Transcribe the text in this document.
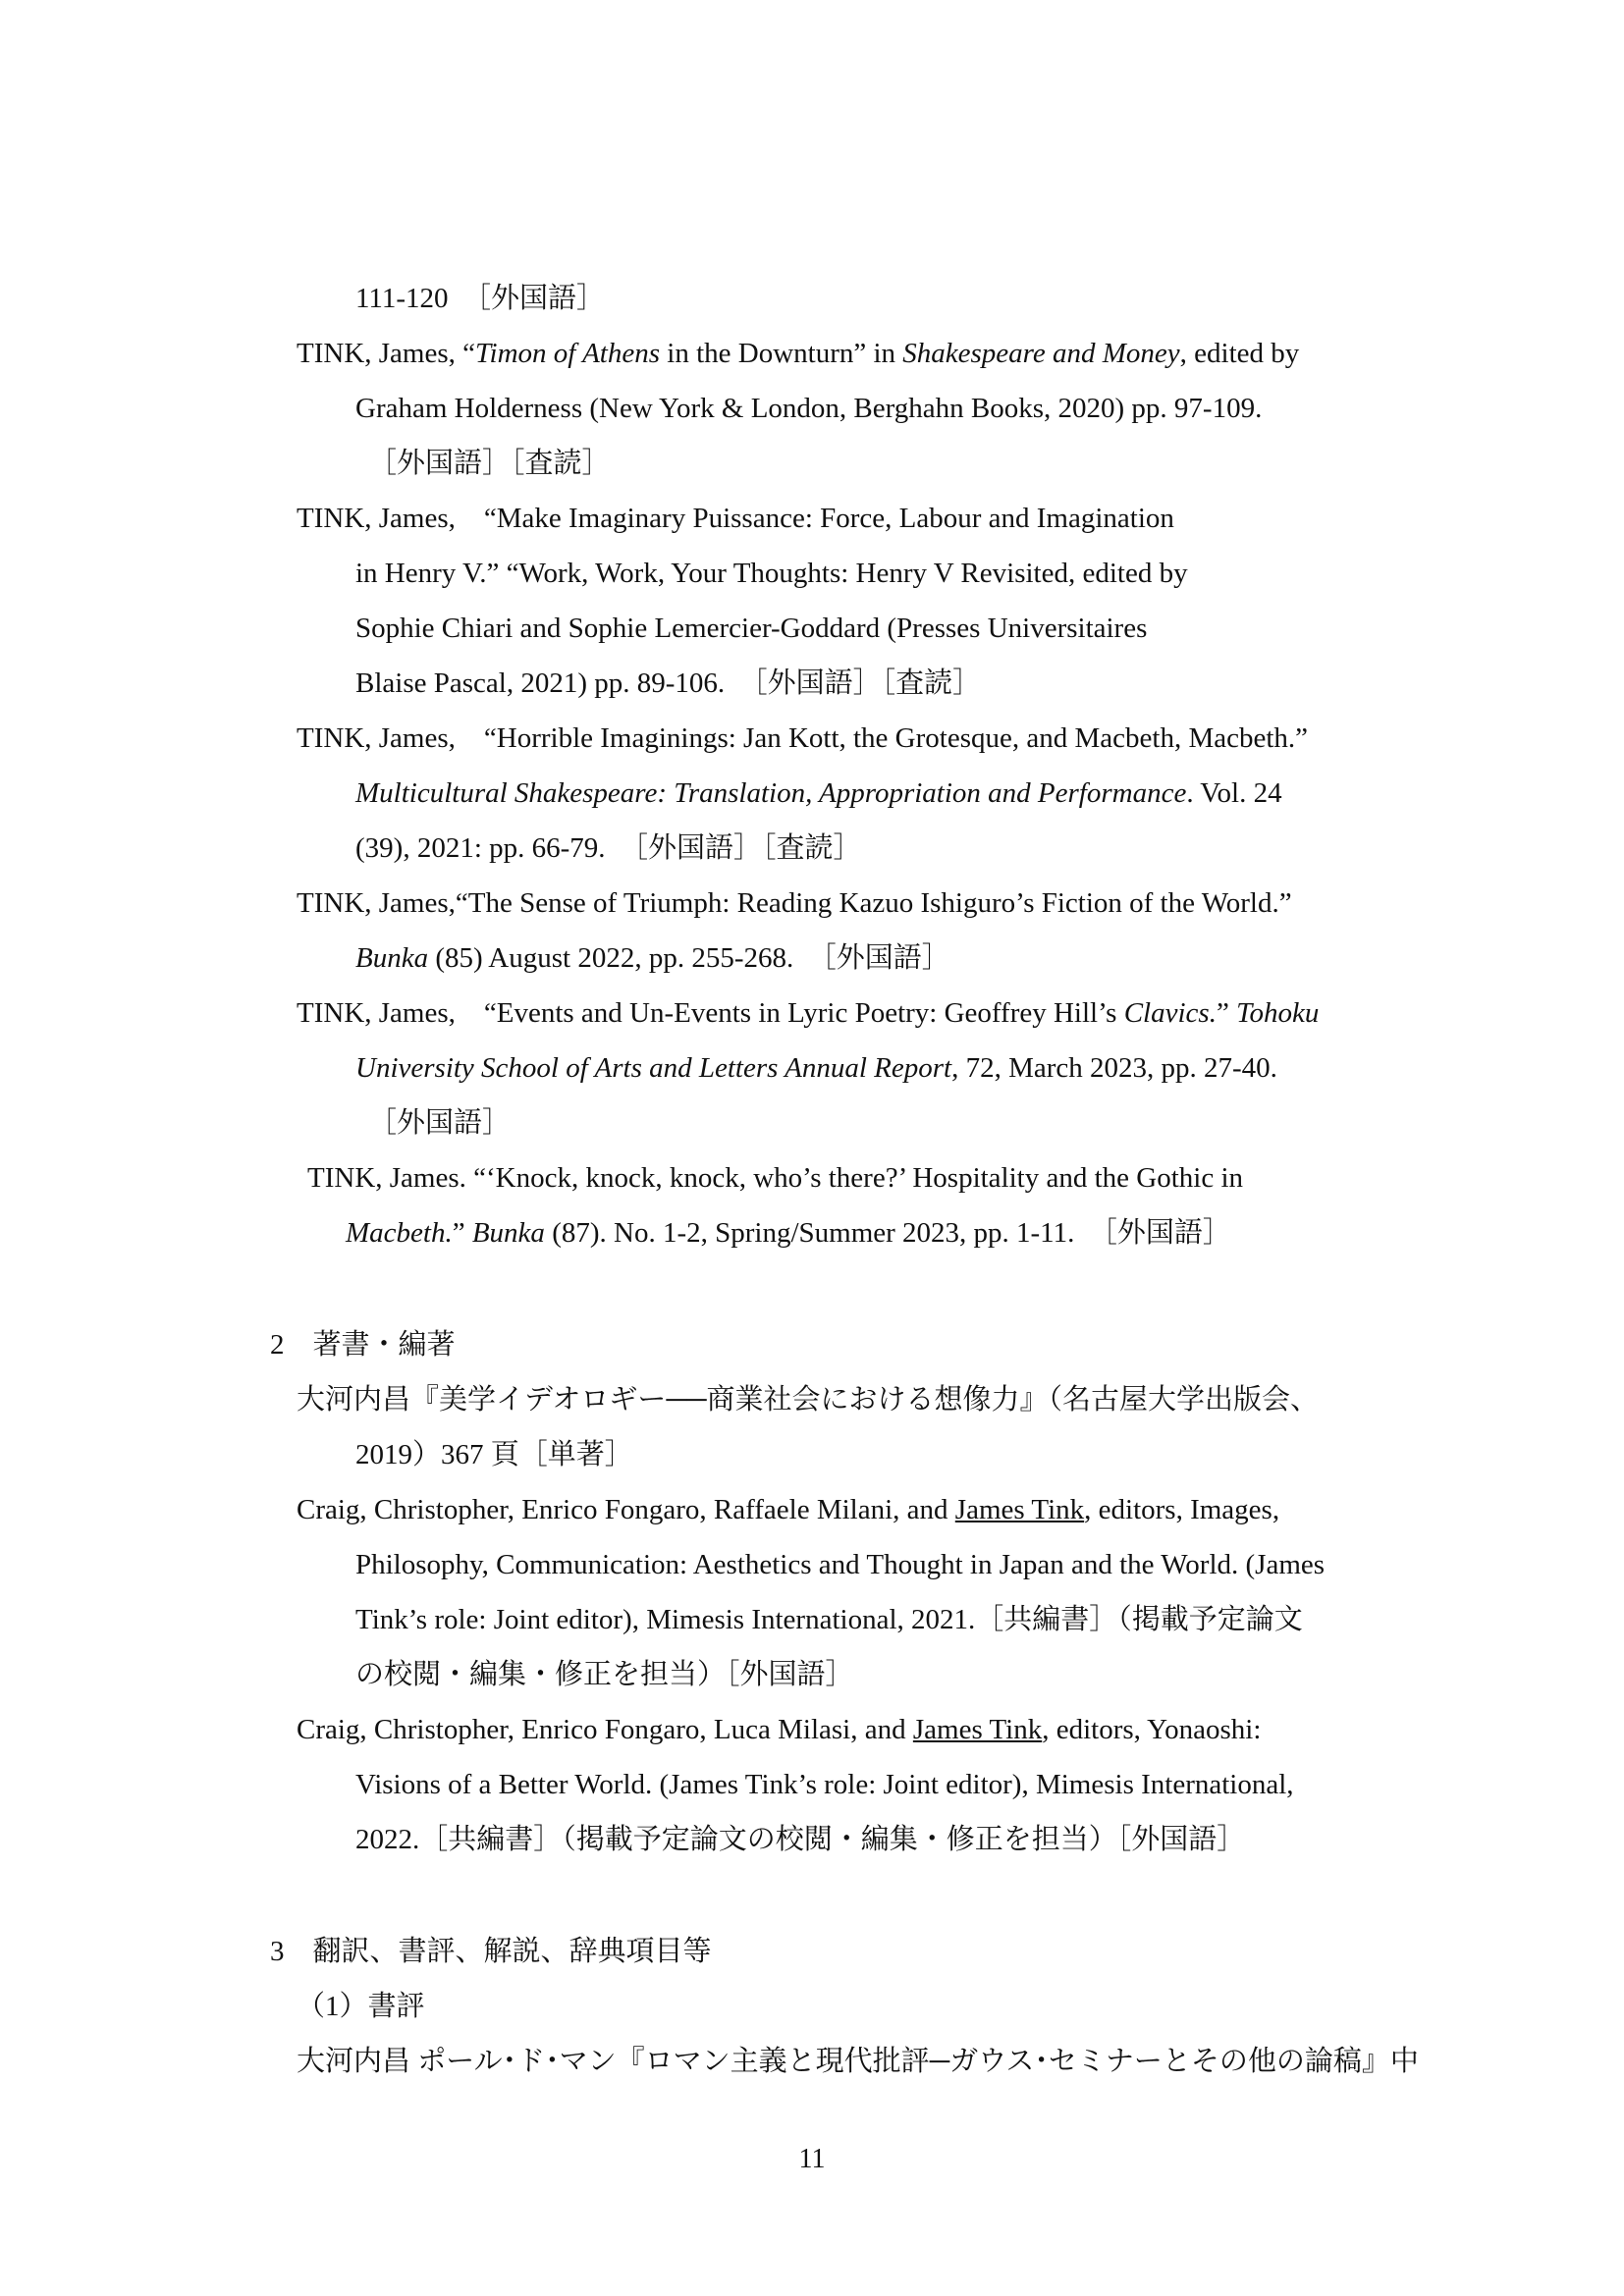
111-120　［外国語］
TINK, James, “Timon of Athens in the Downturn” in Shakespeare and Money, edited by
Graham Holderness (New York & London, Berghahn Books, 2020) pp. 97-109.
［外国語］［査読］
TINK, James,　“Make Imaginary Puissance: Force, Labour and Imagination
in Henry V.” “Work, Work, Your Thoughts: Henry V Revisited, edited by
Sophie Chiari and Sophie Lemercier-Goddard (Presses Universitaires
Blaise Pascal, 2021) pp. 89-106.　［外国語］［査読］
TINK, James,　“Horrible Imaginings: Jan Kott, the Grotesque, and Macbeth, Macbeth.”
Multicultural Shakespeare: Translation, Appropriation and Performance. Vol. 24
(39), 2021: pp. 66-79.　［外国語］［査読］
TINK, James,“The Sense of Triumph: Reading Kazuo Ishiguro’s Fiction of the World.”
Bunka (85) August 2022, pp. 255-268.　［外国語］
TINK, James,　“Events and Un-Events in Lyric Poetry: Geoffrey Hill’s Clavics.” Tohoku
University School of Arts and Letters Annual Report, 72, March 2023, pp. 27-40.
［外国語］
TINK, James. “‘Knock, knock, knock, who’s there?’ Hospitality and the Gothic in
Macbeth.” Bunka (87). No. 1-2, Spring/Summer 2023, pp. 1-11.　［外国語］
2　著書・編著
大河内昌『美学イデオロギー──商業社会における想像力』（名古屋大学出版会、
2019）367 頁［単著］
Craig, Christopher, Enrico Fongaro, Raffaele Milani, and James Tink, editors, Images,
Philosophy, Communication: Aesthetics and Thought in Japan and the World. (James
Tink’s role: Joint editor), Mimesis International, 2021.［共編書］（掲載予定論文
の校閲・編集・修正を担当）［外国語］
Craig, Christopher, Enrico Fongaro, Luca Milasi, and James Tink, editors, Yonaoshi:
Visions of a Better World. (James Tink’s role: Joint editor), Mimesis International,
2022.［共編書］（掲載予定論文の校閲・編集・修正を担当）［外国語］
3　翻訳、書評、解説、辞典項目等
（1）書評
大河内昌 ポール･ド･マン『ロマン主義と現代批評─ガウス･セミナーとその他の論稿』中
11
